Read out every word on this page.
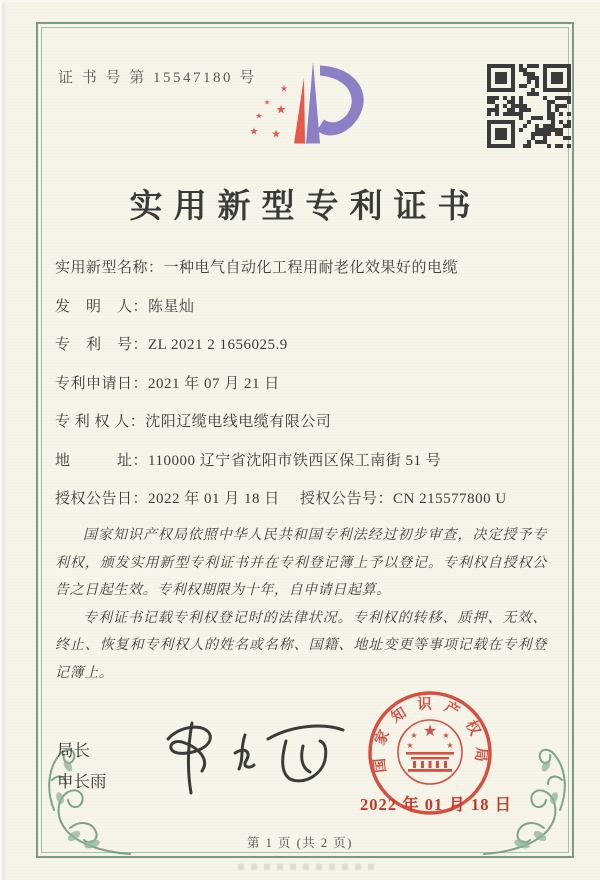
证 书 号 第 15547180 号
★
★ ★
★
★ ★
实用新型专利证书
实用新型名称：一种电气自动化工程用耐老化效果好的电缆
发　明　人：陈星灿
专　利　号：ZL 2021 2 1656025.9
专利申请日：2021 年 07 月 21 日
专 利 权 人：沈阳辽缆电线电缆有限公司
地　　　址：110000 辽宁省沈阳市铁西区保工南街 51 号
授权公告日：2022 年 01 月 18 日	授权公告号：CN 215577800 U

国家知识产权局依照中华人民共和国专利法经过初步审查，决定授予专利权，颁发实用新型专利证书并在专利登记簿上予以登记。专利权自授权公告之日起生效。专利权期限为十年，自申请日起算。

专利证书记载专利权登记时的法律状况。专利权的转移、质押、无效、终止、恢复和专利权人的姓名或名称、国籍、地址变更等事项记载在专利登记簿上。

局长
申长雨
国家知识产权局
★
★	★
★	★
2022 年 01 月 18 日
第 1 页 (共 2 页)
